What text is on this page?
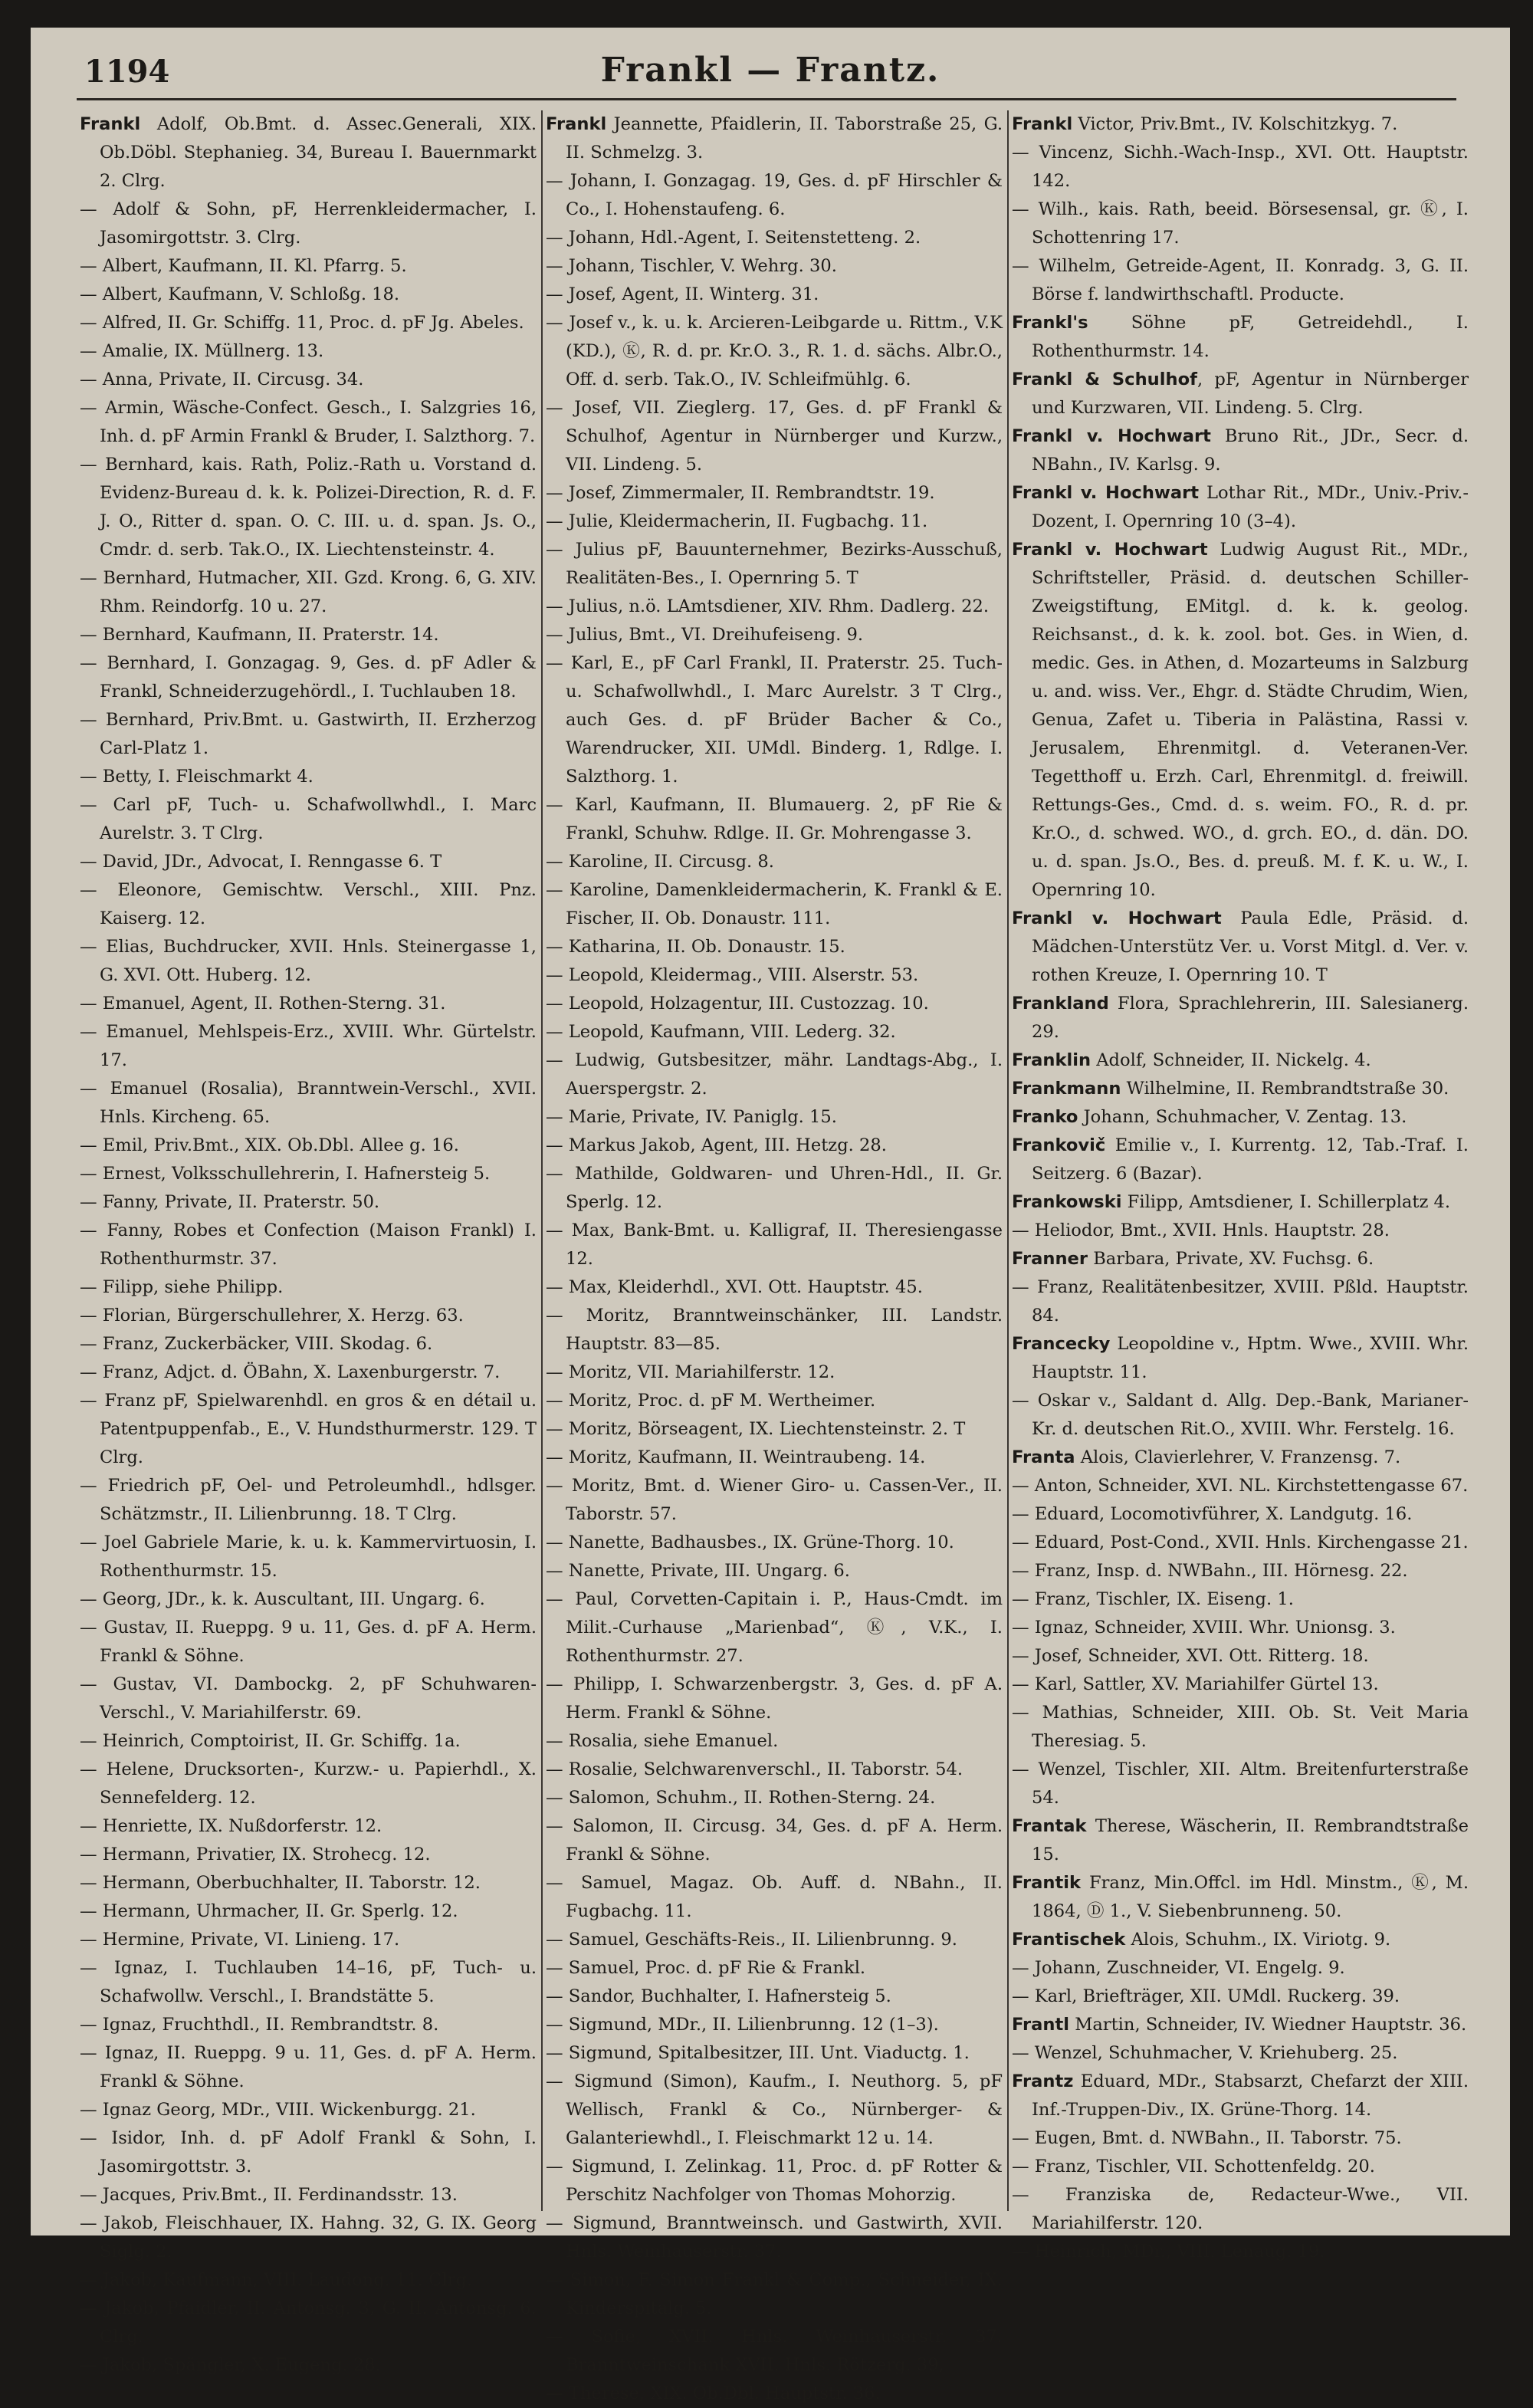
1194	Frankl — Frantz.

Frankl Adolf, Ob.Bmt. d. Assec.Generali, XIX. Ob.Döbl. Stephanieg. 34, Bureau I. Bauernmarkt 2. Clrg.

— Adolf & Sohn, pF, Herrenkleidermacher, I. Jasomirgottstr. 3. Clrg.

— Albert, Kaufmann, II. Kl. Pfarrg. 5.

— Albert, Kaufmann, V. Schloßg. 18.

— Alfred, II. Gr. Schiffg. 11, Proc. d. pF Jg. Abeles.

— Amalie, IX. Müllnerg. 13.

— Anna, Private, II. Circusg. 34.

— Armin, Wäsche-Confect. Gesch., I. Salzgries 16, Inh. d. pF Armin Frankl & Bruder, I. Salzthorg. 7.

— Bernhard, kais. Rath, Poliz.-Rath u. Vorstand d. Evidenz-Bureau d. k. k. Polizei-Direction, R. d. F. J. O., Ritter d. span. O. C. III. u. d. span. Js. O., Cmdr. d. serb. Tak.O., IX. Liechtensteinstr. 4.

— Bernhard, Hutmacher, XII. Gzd. Krong. 6, G. XIV. Rhm. Reindorfg. 10 u. 27.

— Bernhard, Kaufmann, II. Praterstr. 14.

— Bernhard, I. Gonzagag. 9, Ges. d. pF Adler & Frankl, Schneiderzugehördl., I. Tuchlauben 18.

— Bernhard, Priv.Bmt. u. Gastwirth, II. Erzherzog Carl-Platz 1.

— Betty, I. Fleischmarkt 4.

— Carl pF, Tuch- u. Schafwollwhdl., I. Marc Aurelstr. 3. T Clrg.

— David, JDr., Advocat, I. Renngasse 6. T

— Eleonore, Gemischtw. Verschl., XIII. Pnz. Kaiserg. 12.

— Elias, Buchdrucker, XVII. Hnls. Steinergasse 1, G. XVI. Ott. Huberg. 12.

— Emanuel, Agent, II. Rothen-Sterng. 31.

— Emanuel, Mehlspeis-Erz., XVIII. Whr. Gürtelstr. 17.

— Emanuel (Rosalia), Branntwein-Verschl., XVII. Hnls. Kircheng. 65.

— Emil, Priv.Bmt., XIX. Ob.Dbl. Allee g. 16.

— Ernest, Volksschullehrerin, I. Hafnersteig 5.

— Fanny, Private, II. Praterstr. 50.

— Fanny, Robes et Confection (Maison Frankl) I. Rothenthurmstr. 37.

— Filipp, siehe Philipp.

— Florian, Bürgerschullehrer, X. Herzg. 63.

— Franz, Zuckerbäcker, VIII. Skodag. 6.

— Franz, Adjct. d. ÖBahn, X. Laxenburgerstr. 7.

— Franz pF, Spielwarenhdl. en gros & en détail u. Patentpuppenfab., E., V. Hundsthurmerstr. 129. T Clrg.

— Friedrich pF, Oel- und Petroleumhdl., hdlsger. Schätzmstr., II. Lilienbrunng. 18. T Clrg.

— Joel Gabriele Marie, k. u. k. Kammervirtuosin, I. Rothenthurmstr. 15.

— Georg, JDr., k. k. Auscultant, III. Ungarg. 6.

— Gustav, II. Rueppg. 9 u. 11, Ges. d. pF A. Herm. Frankl & Söhne.

— Gustav, VI. Dambockg. 2, pF Schuhwaren-Verschl., V. Mariahilferstr. 69.

— Heinrich, Comptoirist, II. Gr. Schiffg. 1a.

— Helene, Drucksorten-, Kurzw.- u. Papierhdl., X. Sennefelderg. 12.

— Henriette, IX. Nußdorferstr. 12.

— Hermann, Privatier, IX. Strohecg. 12.

— Hermann, Oberbuchhalter, II. Taborstr. 12.

— Hermann, Uhrmacher, II. Gr. Sperlg. 12.

— Hermine, Private, VI. Linieng. 17.

— Ignaz, I. Tuchlauben 14–16, pF, Tuch- u. Schafwollw. Verschl., I. Brandstätte 5.

— Ignaz, Fruchthdl., II. Rembrandtstr. 8.

— Ignaz, II. Rueppg. 9 u. 11, Ges. d. pF A. Herm. Frankl & Söhne.

— Ignaz Georg, MDr., VIII. Wickenburgg. 21.

— Isidor, Inh. d. pF Adolf Frankl & Sohn, I. Jasomirgottstr. 3.

— Jacques, Priv.Bmt., II. Ferdinandsstr. 13.

— Jakob, Fleischhauer, IX. Hahng. 32, G. IX. Georg Siglg. 2.

— Jakob, Kaufmann, VIII. Laudong. 11. Clrg.

— Jakob, Pfaidler, II. Antonsg. 3, G. II. Antonsg. 6. Clrg.

— Jakob, Spängler, X. Eugeng. 28.

Frankl Jeannette, Pfaidlerin, II. Taborstraße 25, G. II. Schmelzg. 3.

— Johann, I. Gonzagag. 19, Ges. d. pF Hirschler & Co., I. Hohenstaufeng. 6.

— Johann, Hdl.-Agent, I. Seitenstetteng. 2.

— Johann, Tischler, V. Wehrg. 30.

— Josef, Agent, II. Winterg. 31.

— Josef v., k. u. k. Arcieren-Leibgarde u. Rittm., V.K (KD.), Ⓚ, R. d. pr. Kr.O. 3., R. 1. d. sächs. Albr.O., Off. d. serb. Tak.O., IV. Schleifmühlg. 6.

— Josef, VII. Zieglerg. 17, Ges. d. pF Frankl & Schulhof, Agentur in Nürnberger und Kurzw., VII. Lindeng. 5.

— Josef, Zimmermaler, II. Rembrandtstr. 19.

— Julie, Kleidermacherin, II. Fugbachg. 11.

— Julius pF, Bauunternehmer, Bezirks-Ausschuß, Realitäten-Bes., I. Opernring 5. T

— Julius, n.ö. LAmtsdiener, XIV. Rhm. Dadlerg. 22.

— Julius, Bmt., VI. Dreihufeiseng. 9.

— Karl, E., pF Carl Frankl, II. Praterstr. 25. Tuch- u. Schafwollwhdl., I. Marc Aurelstr. 3 T Clrg., auch Ges. d. pF Brüder Bacher & Co., Warendrucker, XII. UMdl. Binderg. 1, Rdlge. I. Salzthorg. 1.

— Karl, Kaufmann, II. Blumauerg. 2, pF Rie & Frankl, Schuhw. Rdlge. II. Gr. Mohrengasse 3.

— Karoline, II. Circusg. 8.

— Karoline, Damenkleidermacherin, K. Frankl & E. Fischer, II. Ob. Donaustr. 111.

— Katharina, II. Ob. Donaustr. 15.

— Leopold, Kleidermag., VIII. Alserstr. 53.

— Leopold, Holzagentur, III. Custozzag. 10.

— Leopold, Kaufmann, VIII. Lederg. 32.

— Ludwig, Gutsbesitzer, mähr. Landtags-Abg., I. Auerspergstr. 2.

— Marie, Private, IV. Paniglg. 15.

— Markus Jakob, Agent, III. Hetzg. 28.

— Mathilde, Goldwaren- und Uhren-Hdl., II. Gr. Sperlg. 12.

— Max, Bank-Bmt. u. Kalligraf, II. Theresiengasse 12.

— Max, Kleiderhdl., XVI. Ott. Hauptstr. 45.

— Moritz, Branntweinschänker, III. Landstr. Hauptstr. 83—85.

— Moritz, VII. Mariahilferstr. 12.

— Moritz, Proc. d. pF M. Wertheimer.

— Moritz, Börseagent, IX. Liechtensteinstr. 2. T

— Moritz, Kaufmann, II. Weintraubeng. 14.

— Moritz, Bmt. d. Wiener Giro- u. Cassen-Ver., II. Taborstr. 57.

— Nanette, Badhausbes., IX. Grüne-Thorg. 10.

— Nanette, Private, III. Ungarg. 6.

— Paul, Corvetten-Capitain i. P., Haus-Cmdt. im Milit.-Curhause „Marienbad“, Ⓚ, V.K., I. Rothenthurmstr. 27.

— Philipp, I. Schwarzenbergstr. 3, Ges. d. pF A. Herm. Frankl & Söhne.

— Rosalia, siehe Emanuel.

— Rosalie, Selchwarenverschl., II. Taborstr. 54.

— Salomon, Schuhm., II. Rothen-Sterng. 24.

— Salomon, II. Circusg. 34, Ges. d. pF A. Herm. Frankl & Söhne.

— Samuel, Magaz. Ob. Auff. d. NBahn., II. Fugbachg. 11.

— Samuel, Geschäfts-Reis., II. Lilienbrunng. 9.

— Samuel, Proc. d. pF Rie & Frankl.

— Sandor, Buchhalter, I. Hafnersteig 5.

— Sigmund, MDr., II. Lilienbrunng. 12 (1–3).

— Sigmund, Spitalbesitzer, III. Unt. Viaductg. 1.

— Sigmund (Simon), Kaufm., I. Neuthorg. 5, pF Wellisch, Frankl & Co., Nürnberger- & Galanteriewhdl., I. Fleischmarkt 12 u. 14.

— Sigmund, I. Zelinkag. 11, Proc. d. pF Rotter & Perschitz Nachfolger von Thomas Mohorzig.

— Sigmund, Branntweinsch. und Gastwirth, XVII. Hnls. Weinhauserstr. 37.

— Simon, F. Simon Frankl & Comp., Schneider, IX. Kinderspitalg. 5.

— Sofie, XVII. Hnls. Weinhauserstr. 37. Branntweinschank XVII. Hnls. Rötzerg. 39,

— Therese, XIX. Ob.Dbl. Hauptstr. 36.

Frankl Victor, Priv.Bmt., IV. Kolschitzkyg. 7.

— Vincenz, Sichh.-Wach-Insp., XVI. Ott. Hauptstr. 142.

— Wilh., kais. Rath, beeid. Börsesensal, gr. Ⓚ, I. Schottenring 17.

— Wilhelm, Getreide-Agent, II. Konradg. 3, G. II. Börse f. landwirthschaftl. Producte.

Frankl's Söhne pF, Getreidehdl., I. Rothenthurmstr. 14.

Frankl & Schulhof, pF, Agentur in Nürnberger und Kurzwaren, VII. Lindeng. 5. Clrg.

Frankl v. Hochwart Bruno Rit., JDr., Secr. d. NBahn., IV. Karlsg. 9.

Frankl v. Hochwart Lothar Rit., MDr., Univ.-Priv.-Dozent, I. Opernring 10 (3–4).

Frankl v. Hochwart Ludwig August Rit., MDr., Schriftsteller, Präsid. d. deutschen Schiller-Zweigstiftung, EMitgl. d. k. k. geolog. Reichsanst., d. k. k. zool. bot. Ges. in Wien, d. medic. Ges. in Athen, d. Mozarteums in Salzburg u. and. wiss. Ver., Ehgr. d. Städte Chrudim, Wien, Genua, Zafet u. Tiberia in Palästina, Rassi v. Jerusalem, Ehrenmitgl. d. Veteranen-Ver. Tegetthoff u. Erzh. Carl, Ehrenmitgl. d. freiwill. Rettungs-Ges., Cmd. d. s. weim. FO., R. d. pr. Kr.O., d. schwed. WO., d. grch. EO., d. dän. DO. u. d. span. Js.O., Bes. d. preuß. M. f. K. u. W., I. Opernring 10.

Frankl v. Hochwart Paula Edle, Präsid. d. Mädchen-Unterstütz Ver. u. Vorst Mitgl. d. Ver. v. rothen Kreuze, I. Opernring 10. T

Frankland Flora, Sprachlehrerin, III. Salesianerg. 29.

Franklin Adolf, Schneider, II. Nickelg. 4.

Frankmann Wilhelmine, II. Rembrandtstraße 30.

Franko Johann, Schuhmacher, V. Zentag. 13.

Frankovič Emilie v., I. Kurrentg. 12, Tab.-Traf. I. Seitzerg. 6 (Bazar).

Frankowski Filipp, Amtsdiener, I. Schillerplatz 4.

— Heliodor, Bmt., XVII. Hnls. Hauptstr. 28.

Franner Barbara, Private, XV. Fuchsg. 6.

— Franz, Realitätenbesitzer, XVIII. Pßld. Hauptstr. 84.

Francecky Leopoldine v., Hptm. Wwe., XVIII. Whr. Hauptstr. 11.

— Oskar v., Saldant d. Allg. Dep.-Bank, Marianer-Kr. d. deutschen Rit.O., XVIII. Whr. Ferstelg. 16.

Franta Alois, Clavierlehrer, V. Franzensg. 7.

— Anton, Schneider, XVI. NL. Kirchstettengasse 67.

— Eduard, Locomotivführer, X. Landgutg. 16.

— Eduard, Post-Cond., XVII. Hnls. Kirchengasse 21.

— Franz, Insp. d. NWBahn., III. Hörnesg. 22.

— Franz, Tischler, IX. Eiseng. 1.

— Ignaz, Schneider, XVIII. Whr. Unionsg. 3.

— Josef, Schneider, XVI. Ott. Ritterg. 18.

— Karl, Sattler, XV. Mariahilfer Gürtel 13.

— Mathias, Schneider, XIII. Ob. St. Veit Maria Theresiag. 5.

— Wenzel, Tischler, XII. Altm. Breitenfurterstraße 54.

Frantak Therese, Wäscherin, II. Rembrandtstraße 15.

Frantik Franz, Min.Offcl. im Hdl. Minstm., Ⓚ, M. 1864, Ⓓ 1., V. Siebenbrunneng. 50.

Frantischek Alois, Schuhm., IX. Viriotg. 9.

— Johann, Zuschneider, VI. Engelg. 9.

— Karl, Briefträger, XII. UMdl. Ruckerg. 39.

Frantl Martin, Schneider, IV. Wiedner Hauptstr. 36.

— Wenzel, Schuhmacher, V. Kriehuberg. 25.

Frantz Eduard, MDr., Stabsarzt, Chefarzt der XIII. Inf.-Truppen-Div., IX. Grüne-Thorg. 14.

— Eugen, Bmt. d. NWBahn., II. Taborstr. 75.

— Franz, Tischler, VII. Schottenfeldg. 20.

— Franziska de, Redacteur-Wwe., VII. Mariahilferstr. 120.

— Heinrich, MDr., VIII. Lenaug. 19.
